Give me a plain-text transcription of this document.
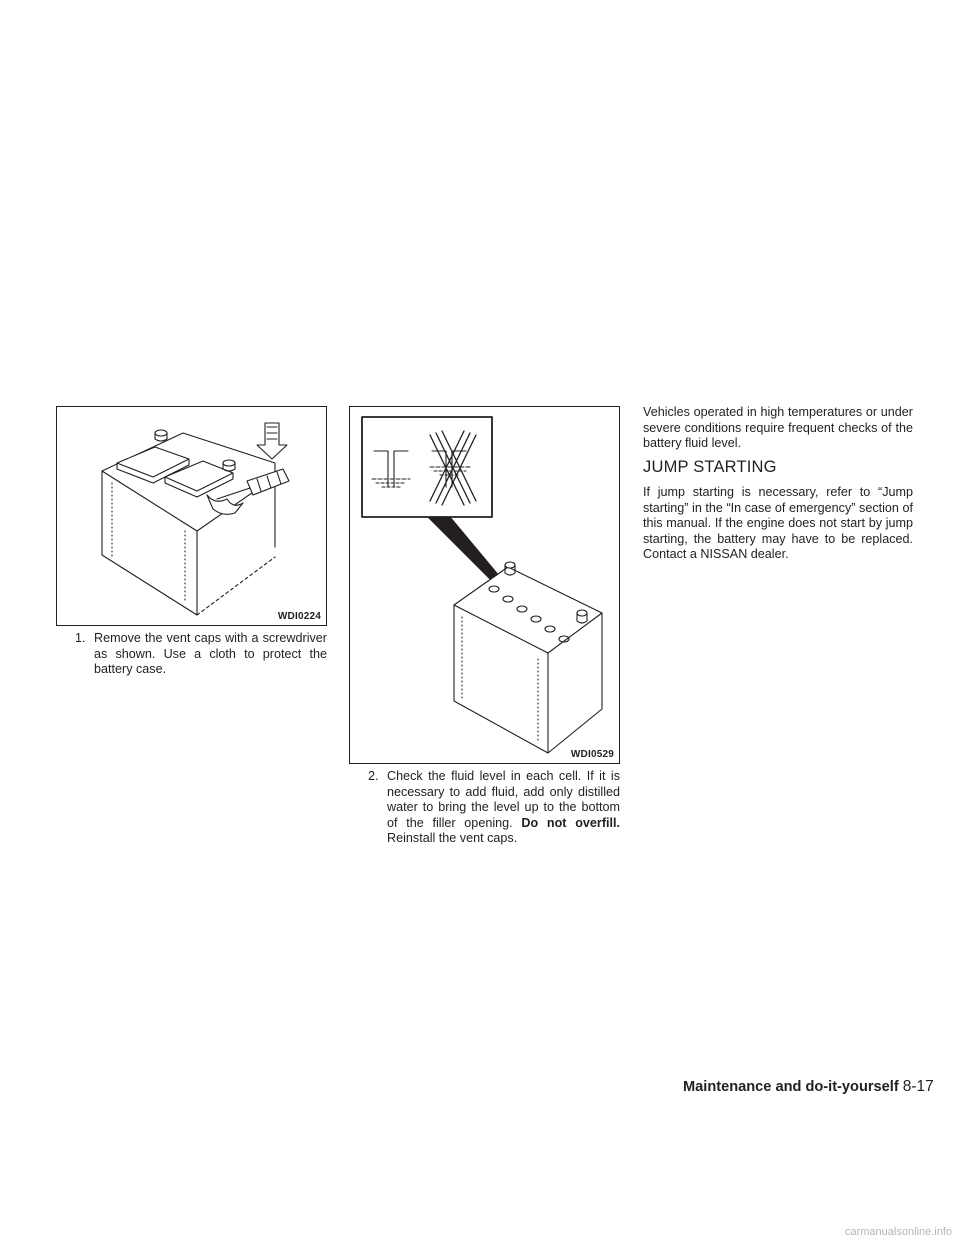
WDI0224
WDI0529
1. Remove the vent caps with a screwdriver as shown. Use a cloth to protect the battery case.
2. Check the fluid level in each cell. If it is necessary to add fluid, add only distilled water to bring the level up to the bottom of the filler opening. Do not overfill. Reinstall the vent caps.

Vehicles operated in high temperatures or under severe conditions require frequent checks of the battery fluid level.

JUMP STARTING

If jump starting is necessary, refer to “Jump starting” in the “In case of emergency” section of this manual. If the engine does not start by jump starting, the battery may have to be replaced. Contact a NISSAN dealer.

Maintenance and do-it-yourself 8-17
carmanualsonline.info
